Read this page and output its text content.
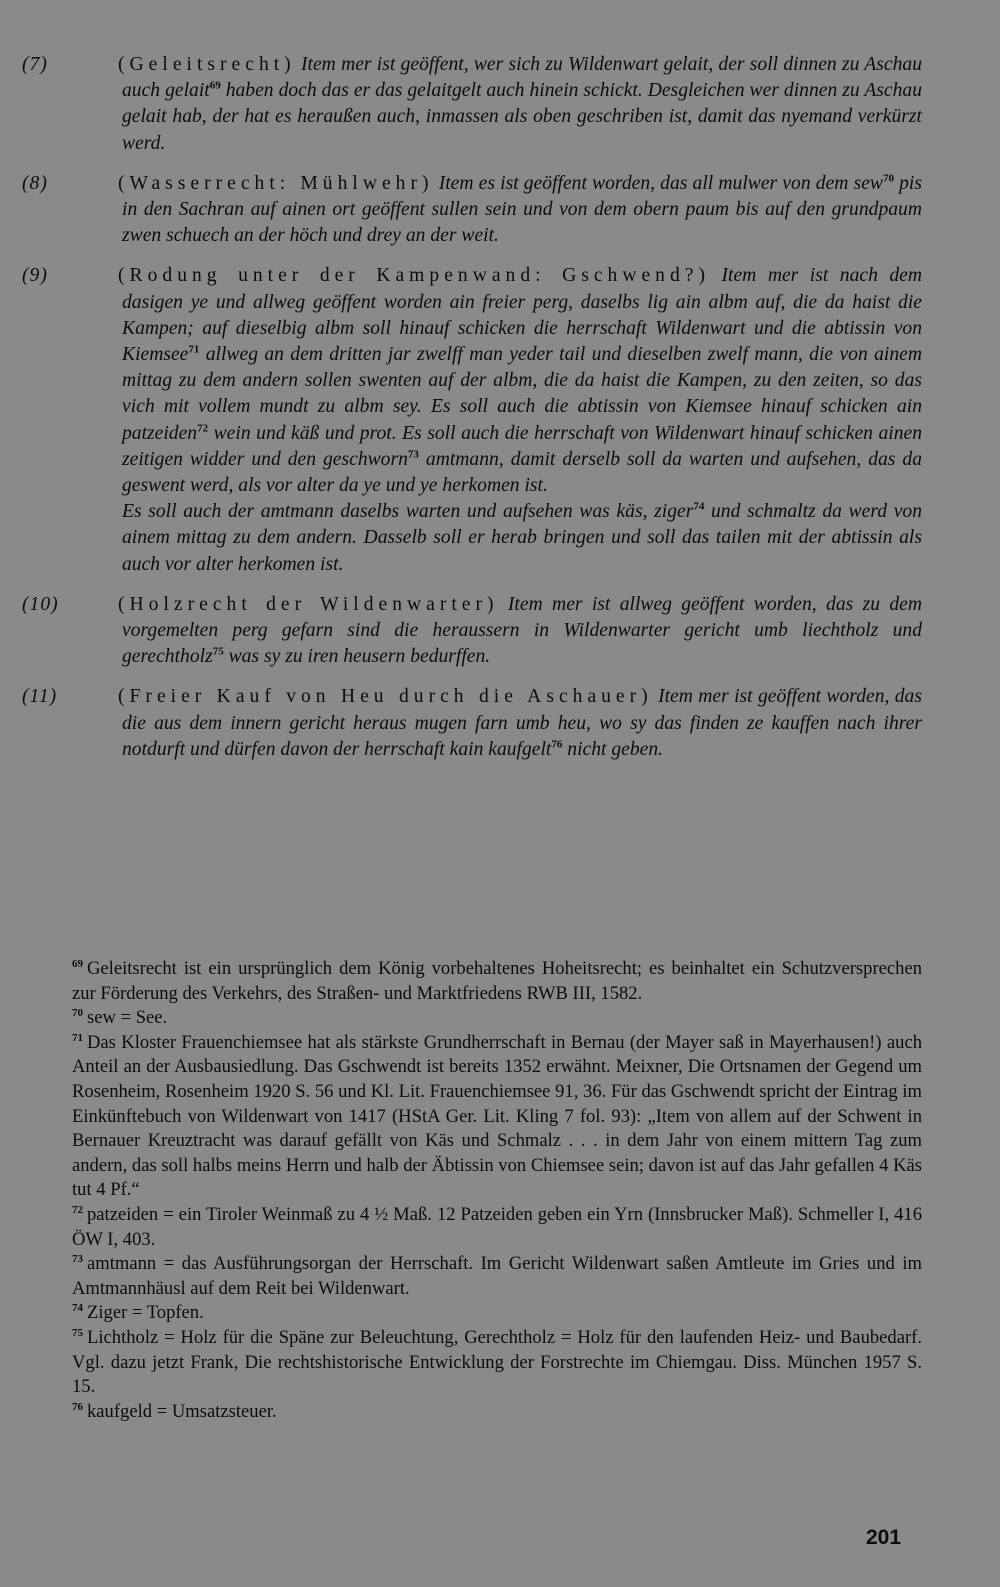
(7)	(Geleitsrecht) Item mer ist geöffent, wer sich zu Wildenwart gelait, der soll dinnen zu Aschau auch gelait$^{69}$ haben doch das er das gelaitgelt auch hinein schickt. Desgleichen wer dinnen zu Aschau gelait hab, der hat es heraußen auch, inmassen als oben geschriben ist, damit das nyemand verkürzt werd.

(8)	(Wasserrecht: Mühlwehr) Item es ist geöffent worden, das all mulwer von dem sew$^{70}$ pis in den Sachran auf ainen ort geöffent sullen sein und von dem obern paum bis auf den grundpaum zwen schuech an der höch und drey an der weit.

(9)	(Rodung unter der Kampenwand: Gschwend?) Item mer ist nach dem dasigen ye und allweg geöffent worden ain freier perg, daselbs lig ain albm auf, die da haist die Kampen; auf dieselbig albm soll hinauf schicken die herrschaft Wildenwart und die abtissin von Kiemsee$^{71}$ allweg an dem dritten jar zwelff man yeder tail und dieselben zwelf mann, die von ainem mittag zu dem andern sollen swenten auf der albm, die da haist die Kampen, zu den zeiten, so das vich mit vollem mundt zu albm sey. Es soll auch die abtissin von Kiemsee hinauf schicken ain patzeiden$^{72}$ wein und käß und prot. Es soll auch die herrschaft von Wildenwart hinauf schicken ainen zeitigen widder und den geschworn$^{73}$ amtmann, damit derselb soll da warten und aufsehen, das da geswent werd, als vor alter da ye und ye herkomen ist.
Es soll auch der amtmann daselbs warten und aufsehen was käs, ziger$^{74}$ und schmaltz da werd von ainem mittag zu dem andern. Dasselb soll er herab bringen und soll das tailen mit der abtissin als auch vor alter herkomen ist.

(10)	(Holzrecht der Wildenwarter) Item mer ist allweg geöffent worden, das zu dem vorgemelten perg gefarn sind die heraussern in Wildenwarter gericht umb liechtholz und gerechtholz$^{75}$ was sy zu iren heusern bedurffen.

(11)	(Freier Kauf von Heu durch die Aschauer) Item mer ist geöffent worden, das die aus dem innern gericht heraus mugen farn umb heu, wo sy das finden ze kauffen nach ihrer notdurft und dürfen davon der herrschaft kain kaufgelt$^{76}$ nicht geben.

$^{69}$ Geleitsrecht ist ein ursprünglich dem König vorbehaltenes Hoheitsrecht; es beinhaltet ein Schutzversprechen zur Förderung des Verkehrs, des Straßen- und Marktfriedens RWB III, 1582.

$^{70}$ sew = See.

$^{71}$ Das Kloster Frauenchiemsee hat als stärkste Grundherrschaft in Bernau (der Mayer saß in Mayerhausen!) auch Anteil an der Ausbausiedlung. Das Gschwendt ist bereits 1352 erwähnt. Meixner, Die Ortsnamen der Gegend um Rosenheim, Rosenheim 1920 S. 56 und Kl. Lit. Frauenchiemsee 91, 36. Für das Gschwendt spricht der Eintrag im Einkünftebuch von Wildenwart von 1417 (HStA Ger. Lit. Kling 7 fol. 93): „Item von allem auf der Schwent in Bernauer Kreuztracht was darauf gefällt von Käs und Schmalz . . . in dem Jahr von einem mittern Tag zum andern, das soll halbs meins Herrn und halb der Äbtissin von Chiemsee sein; davon ist auf das Jahr gefallen 4 Käs tut 4 Pf.“

$^{72}$ patzeiden = ein Tiroler Weinmaß zu 4 ½ Maß. 12 Patzeiden geben ein Yrn (Innsbrucker Maß). Schmeller I, 416 ÖW I, 403.

$^{73}$ amtmann = das Ausführungsorgan der Herrschaft. Im Gericht Wildenwart saßen Amtleute im Gries und im Amtmannhäusl auf dem Reit bei Wildenwart.

$^{74}$ Ziger = Topfen.

$^{75}$ Lichtholz = Holz für die Späne zur Beleuchtung, Gerechtholz = Holz für den laufenden Heiz- und Baubedarf. Vgl. dazu jetzt Frank, Die rechtshistorische Entwicklung der Forstrechte im Chiemgau. Diss. München 1957 S. 15.

$^{76}$ kaufgeld = Umsatzsteuer.

201
